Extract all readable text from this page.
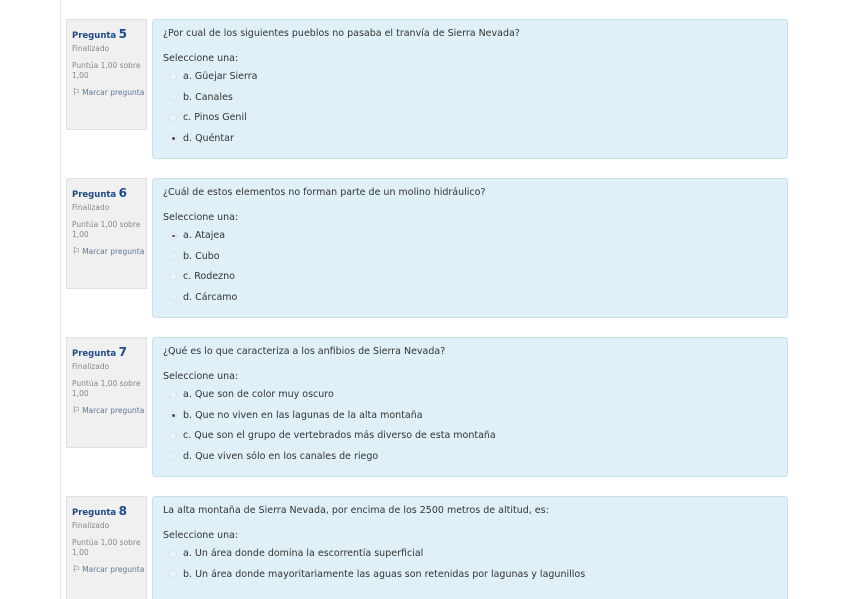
Pregunta 5
Finalizado
Puntúa 1,00 sobre 1,00
⚐ Marcar pregunta
¿Por cual de los siguientes pueblos no pasaba el tranvía de Sierra Nevada?
Seleccione una:
a. Güejar Sierra
b. Canales
c. Pinos Genil
d. Quéntar
Pregunta 6
Finalizado
Puntúa 1,00 sobre 1,00
⚐ Marcar pregunta
¿Cuál de estos elementos no forman parte de un molino hidráulico?
Seleccione una:
a. Atajea
b. Cubo
c. Rodezno
d. Cárcamo
Pregunta 7
Finalizado
Puntúa 1,00 sobre 1,00
⚐ Marcar pregunta
¿Qué es lo que caracteriza a los anfibios de Sierra Nevada?
Seleccione una:
a. Que son de color muy oscuro
b. Que no viven en las lagunas de la alta montaña
c. Que son el grupo de vertebrados más diverso de esta montaña
d. Que viven sólo en los canales de riego
Pregunta 8
Finalizado
Puntúa 1,00 sobre 1,00
⚐ Marcar pregunta
La alta montaña de Sierra Nevada, por encima de los 2500 metros de altitud, es:
Seleccione una:
a. Un área donde domina la escorrentía superficial
b. Un área donde mayoritariamente las aguas son retenidas por lagunas y lagunillos
